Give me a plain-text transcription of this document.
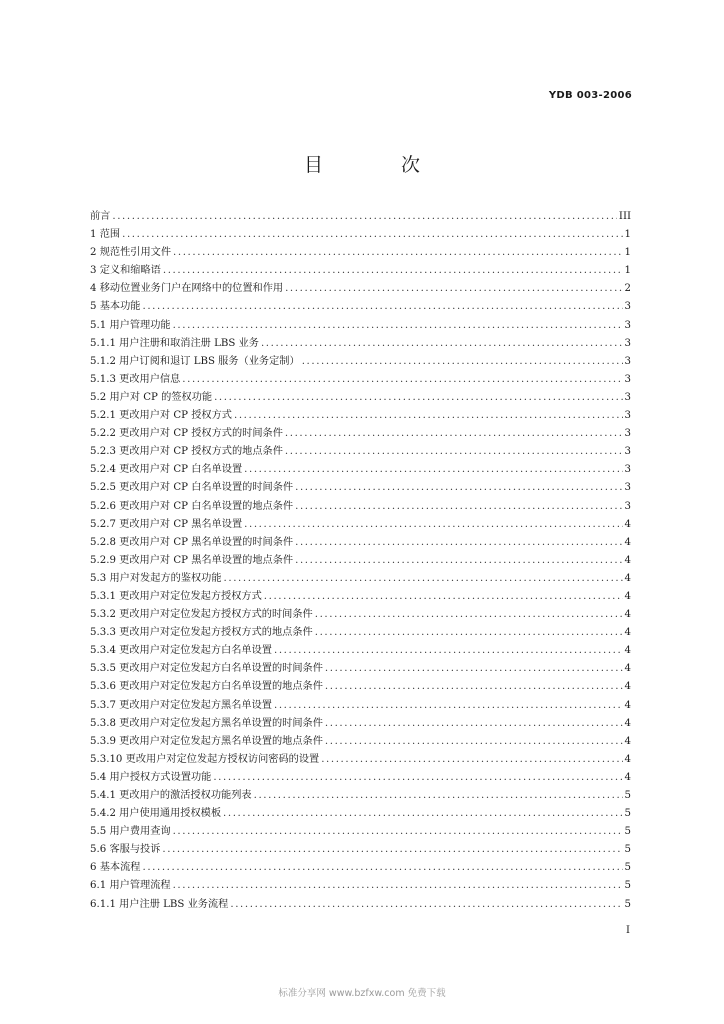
YDB 003-2006
目 次
前言 .....	III
1 范围 .....	1
2 规范性引用文件 .....	1
3 定义和缩略语 .....	1
4 移动位置业务门户在网络中的位置和作用 .....	2
5 基本功能 .....	3
5.1 用户管理功能 .....	3
5.1.1 用户注册和取消注册 LBS 业务 .....	3
5.1.2 用户订阅和退订 LBS 服务（业务定制） .....	3
5.1.3 更改用户信息 .....	3
5.2 用户对 CP 的签权功能 .....	3
5.2.1 更改用户对 CP 授权方式 .....	3
5.2.2 更改用户对 CP 授权方式的时间条件 .....	3
5.2.3 更改用户对 CP 授权方式的地点条件 .....	3
5.2.4 更改用户对 CP 白名单设置 .....	3
5.2.5 更改用户对 CP 白名单设置的时间条件 .....	3
5.2.6 更改用户对 CP 白名单设置的地点条件 .....	3
5.2.7 更改用户对 CP 黑名单设置 .....	4
5.2.8 更改用户对 CP 黑名单设置的时间条件 .....	4
5.2.9 更改用户对 CP 黑名单设置的地点条件 .....	4
5.3 用户对发起方的鉴权功能 .....	4
5.3.1 更改用户对定位发起方授权方式 .....	4
5.3.2 更改用户对定位发起方授权方式的时间条件 .....	4
5.3.3 更改用户对定位发起方授权方式的地点条件 .....	4
5.3.4 更改用户对定位发起方白名单设置 .....	4
5.3.5 更改用户对定位发起方白名单设置的时间条件 .....	4
5.3.6 更改用户对定位发起方白名单设置的地点条件 .....	4
5.3.7 更改用户对定位发起方黑名单设置 .....	4
5.3.8 更改用户对定位发起方黑名单设置的时间条件 .....	4
5.3.9 更改用户对定位发起方黑名单设置的地点条件 .....	4
5.3.10 更改用户对定位发起方授权访问密码的设置 .....	4
5.4 用户授权方式设置功能 .....	4
5.4.1 更改用户的激活授权功能列表 .....	5
5.4.2 用户使用通用授权模板 .....	5
5.5 用户费用查询 .....	5
5.6 客服与投诉 .....	5
6 基本流程 .....	5
6.1 用户管理流程 .....	5
6.1.1 用户注册 LBS 业务流程 .....	5
I
标准分享网 www.bzfxw.com 免费下载
